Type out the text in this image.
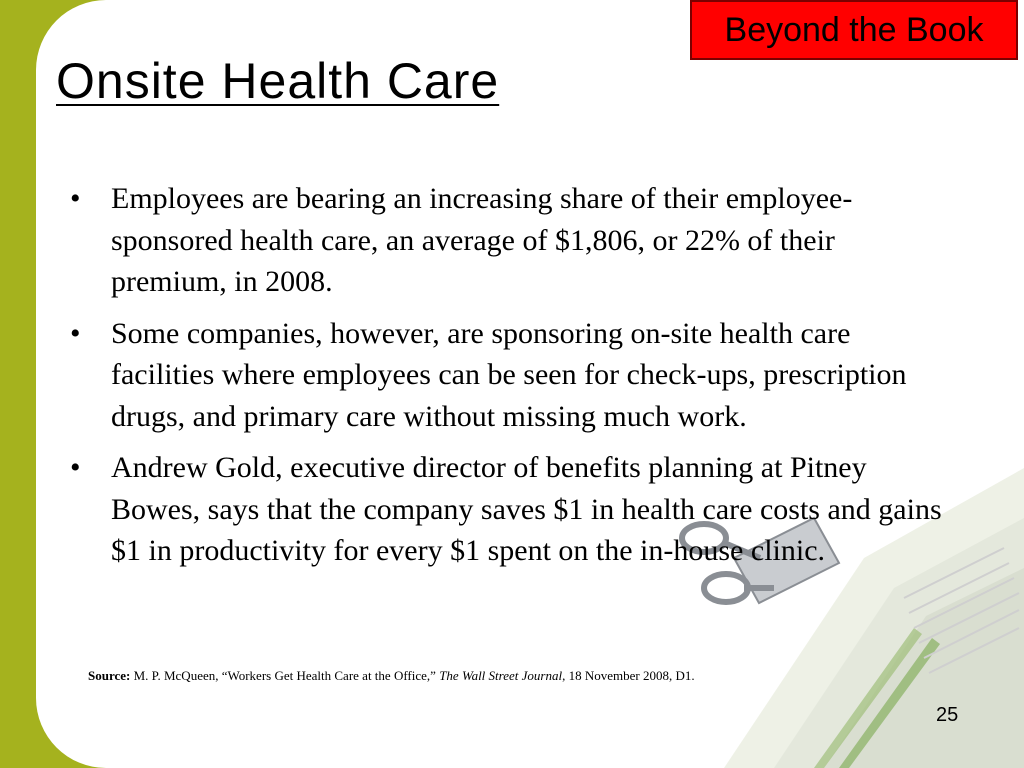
Beyond the Book
Onsite Health Care
• Employees are bearing an increasing share of their employee-sponsored health care, an average of $1,806, or 22% of their premium, in 2008.
• Some companies, however, are sponsoring on-site health care facilities where employees can be seen for check-ups, prescription drugs, and primary care without missing much work.
• Andrew Gold, executive director of benefits planning at Pitney Bowes, says that the company saves $1 in health care costs and gains $1 in productivity for every $1 spent on the in-house clinic.
Source: M. P. McQueen, “Workers Get Health Care at the Office,” The Wall Street Journal, 18 November 2008, D1.
25
